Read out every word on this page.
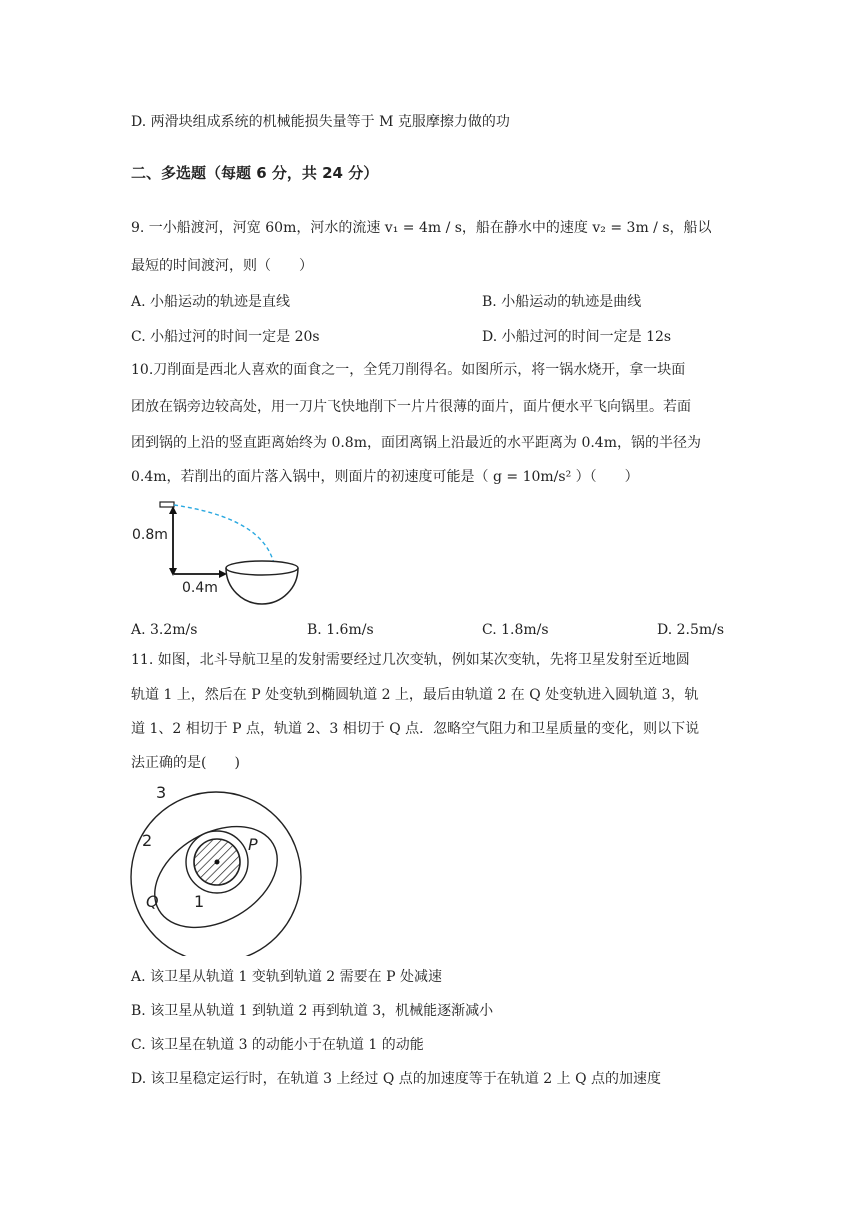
D. 两滑块组成系统的机械能损失量等于 M 克服摩擦力做的功
二、多选题（每题 6 分，共 24 分）
9. 一小船渡河，河宽 60m，河水的流速 v₁ = 4m / s，船在静水中的速度 v₂ = 3m / s，船以
最短的时间渡河，则（　　）
A. 小船运动的轨迹是直线	B. 小船运动的轨迹是曲线
C. 小船过河的时间一定是 20s	D. 小船过河的时间一定是 12s
10.刀削面是西北人喜欢的面食之一，全凭刀削得名。如图所示，将一锅水烧开，拿一块面
团放在锅旁边较高处，用一刀片飞快地削下一片片很薄的面片，面片便水平飞向锅里。若面
团到锅的上沿的竖直距离始终为 0.8m，面团离锅上沿最近的水平距离为 0.4m，锅的半径为
0.4m，若削出的面片落入锅中，则面片的初速度可能是（ g = 10m/s² ）（　　）
0.8m
0.4m
A. 3.2m/s	B. 1.6m/s	C. 1.8m/s	D. 2.5m/s
11. 如图，北斗导航卫星的发射需要经过几次变轨，例如某次变轨，先将卫星发射至近地圆
轨道 1 上，然后在 P 处变轨到椭圆轨道 2 上，最后由轨道 2 在 Q 处变轨进入圆轨道 3，轨
道 1、2 相切于 P 点，轨道 2、3 相切于 Q 点．忽略空气阻力和卫星质量的变化，则以下说
法正确的是(　　)
3
2
1
P
Q
A. 该卫星从轨道 1 变轨到轨道 2 需要在 P 处减速
B. 该卫星从轨道 1 到轨道 2 再到轨道 3，机械能逐渐减小
C. 该卫星在轨道 3 的动能小于在轨道 1 的动能
D. 该卫星稳定运行时，在轨道 3 上经过 Q 点的加速度等于在轨道 2 上 Q 点的加速度
